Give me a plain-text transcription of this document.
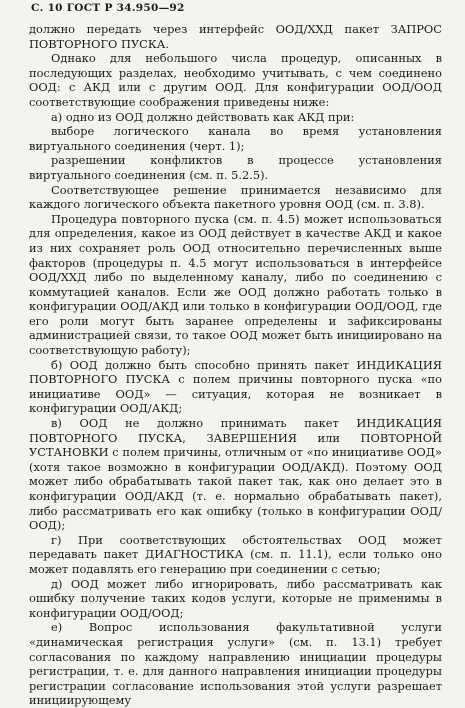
С. 10 ГОСТ Р 34.950—92

должно передать через интерфейс ООД/ХХД пакет ЗАПРОС ПОВТОРНОГО ПУСКА.

Однако для небольшого числа процедур, описанных в последующих разделах, необходимо учитывать, с чем соединено ООД: с АКД или с другим ООД. Для конфигурации ООД/ООД соответствующие соображения приведены ниже:

а) одно из ООД должно действовать как АКД при:

выборе логического канала во время установления виртуального соединения (черт. 1);

разрешении конфликтов в процессе установления виртуального соединения (см. п. 5.2.5).

Соответствующее решение принимается независимо для каждого логического объекта пакетного уровня ООД (см. п. 3.8).

Процедура повторного пуска (см. п. 4.5) может использоваться для определения, какое из ООД действует в качестве АКД и какое из них сохраняет роль ООД относительно перечисленных выше факторов (процедуры п. 4.5 могут использоваться в интерфейсе ООД/ХХД либо по выделенному каналу, либо по соединению с коммутацией каналов. Если же ООД должно работать только в конфигурации ООД/АКД или только в конфигурации ООД/ООД, где его роли могут быть заранее определены и зафиксированы администрацией связи, то такое ООД может быть инициировано на соответствующую работу);

б) ООД должно быть способно принять пакет ИНДИКАЦИЯ ПОВТОРНОГО ПУСКА с полем причины повторного пуска «по инициативе ООД» — ситуация, которая не возникает в конфигурации ООД/АКД;

в) ООД не должно принимать пакет ИНДИКАЦИЯ ПОВТОРНОГО ПУСКА, ЗАВЕРШЕНИЯ или ПОВТОРНОЙ УСТАНОВКИ с полем причины, отличным от «по инициативе ООД» (хотя такое возможно в конфигурации ООД/АКД). Поэтому ООД может либо обрабатывать такой пакет так, как оно делает это в конфигурации ООД/АКД (т. е. нормально обрабатывать пакет), либо рассматривать его как ошибку (только в конфигурации ООД/ООД);

г) При соответствующих обстоятельствах ООД может передавать пакет ДИАГНОСТИКА (см. п. 11.1), если только оно может подавлять его генерацию при соединении с сетью;

д) ООД может либо игнорировать, либо рассматривать как ошибку получение таких кодов услуги, которые не применимы в конфигурации ООД/ООД;

е) Вопрос использования факультативной услуги «динамическая регистрация услуги» (см. п. 13.1) требует согласования по каждому направлению инициации процедуры регистрации, т. е. для данного направления инициации процедуры регистрации согласование использования этой услуги разрешает инициирующему
